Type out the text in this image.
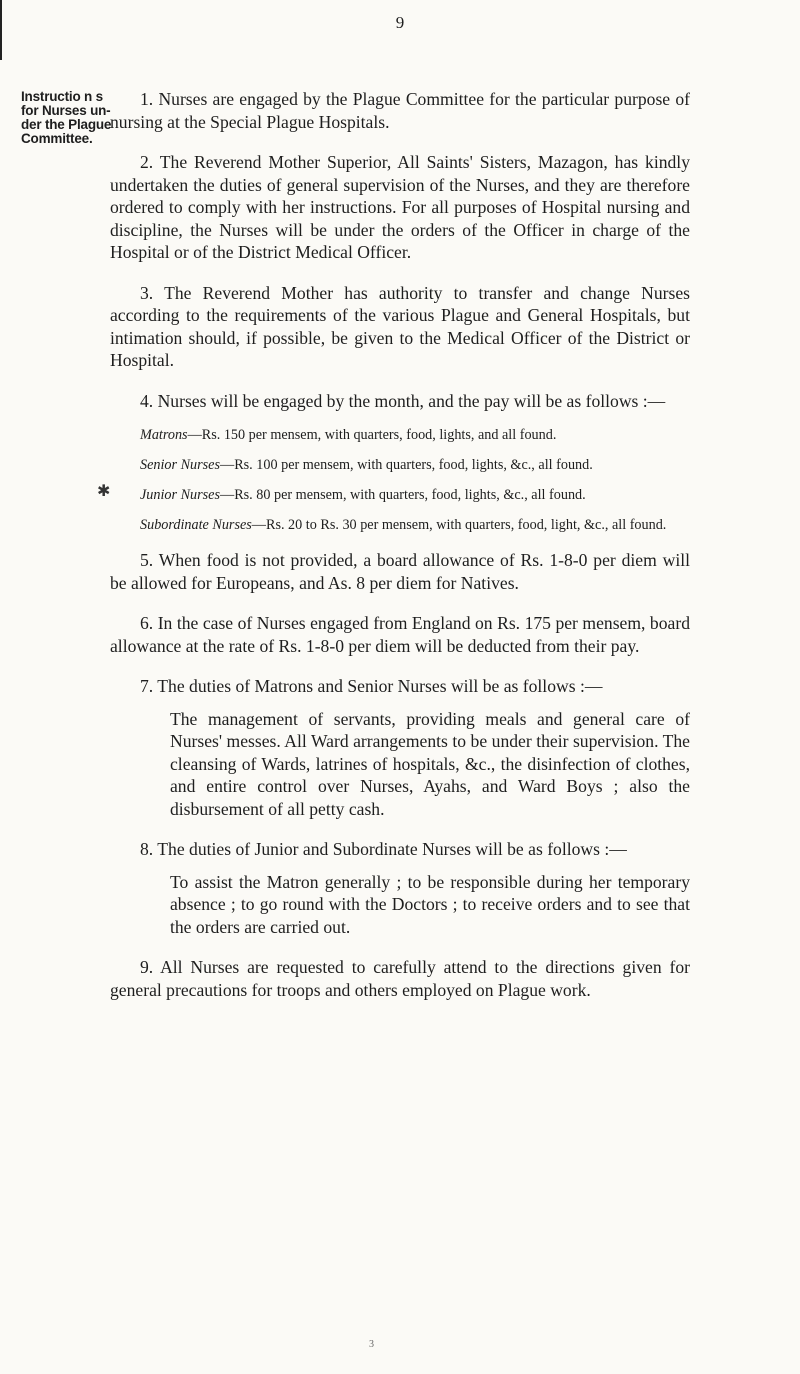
9
Instructio n s
for Nurses un-
der the Plague
Committee.
✱

1. Nurses are engaged by the Plague Committee for the particular purpose of nursing at the Special Plague Hospitals.

2. The Reverend Mother Superior, All Saints' Sisters, Mazagon, has kindly undertaken the duties of general supervision of the Nurses, and they are therefore ordered to comply with her instructions. For all purposes of Hospital nursing and discipline, the Nurses will be under the orders of the Officer in charge of the Hospital or of the District Medical Officer.

3. The Reverend Mother has authority to transfer and change Nurses according to the requirements of the various Plague and General Hospitals, but intimation should, if possible, be given to the Medical Officer of the District or Hospital.

4. Nurses will be engaged by the month, and the pay will be as follows :—

Matrons—Rs. 150 per mensem, with quarters, food, lights, and all found.

Senior Nurses—Rs. 100 per mensem, with quarters, food, lights, &c., all found.

Junior Nurses—Rs. 80 per mensem, with quarters, food, lights, &c., all found.

Subordinate Nurses—Rs. 20 to Rs. 30 per mensem, with quarters, food, light, &c., all found.

5. When food is not provided, a board allowance of Rs. 1-8-0 per diem will be allowed for Europeans, and As. 8 per diem for Natives.

6. In the case of Nurses engaged from England on Rs. 175 per mensem, board allowance at the rate of Rs. 1-8-0 per diem will be deducted from their pay.

7. The duties of Matrons and Senior Nurses will be as follows :—

The management of servants, providing meals and general care of Nurses' messes. All Ward arrangements to be under their supervision. The cleansing of Wards, latrines of hospitals, &c., the disinfection of clothes, and entire control over Nurses, Ayahs, and Ward Boys ; also the disbursement of all petty cash.

8. The duties of Junior and Subordinate Nurses will be as follows :—

To assist the Matron generally ; to be responsible during her temporary absence ; to go round with the Doctors ; to receive orders and to see that the orders are carried out.

9. All Nurses are requested to carefully attend to the directions given for general precautions for troops and others employed on Plague work.

3
